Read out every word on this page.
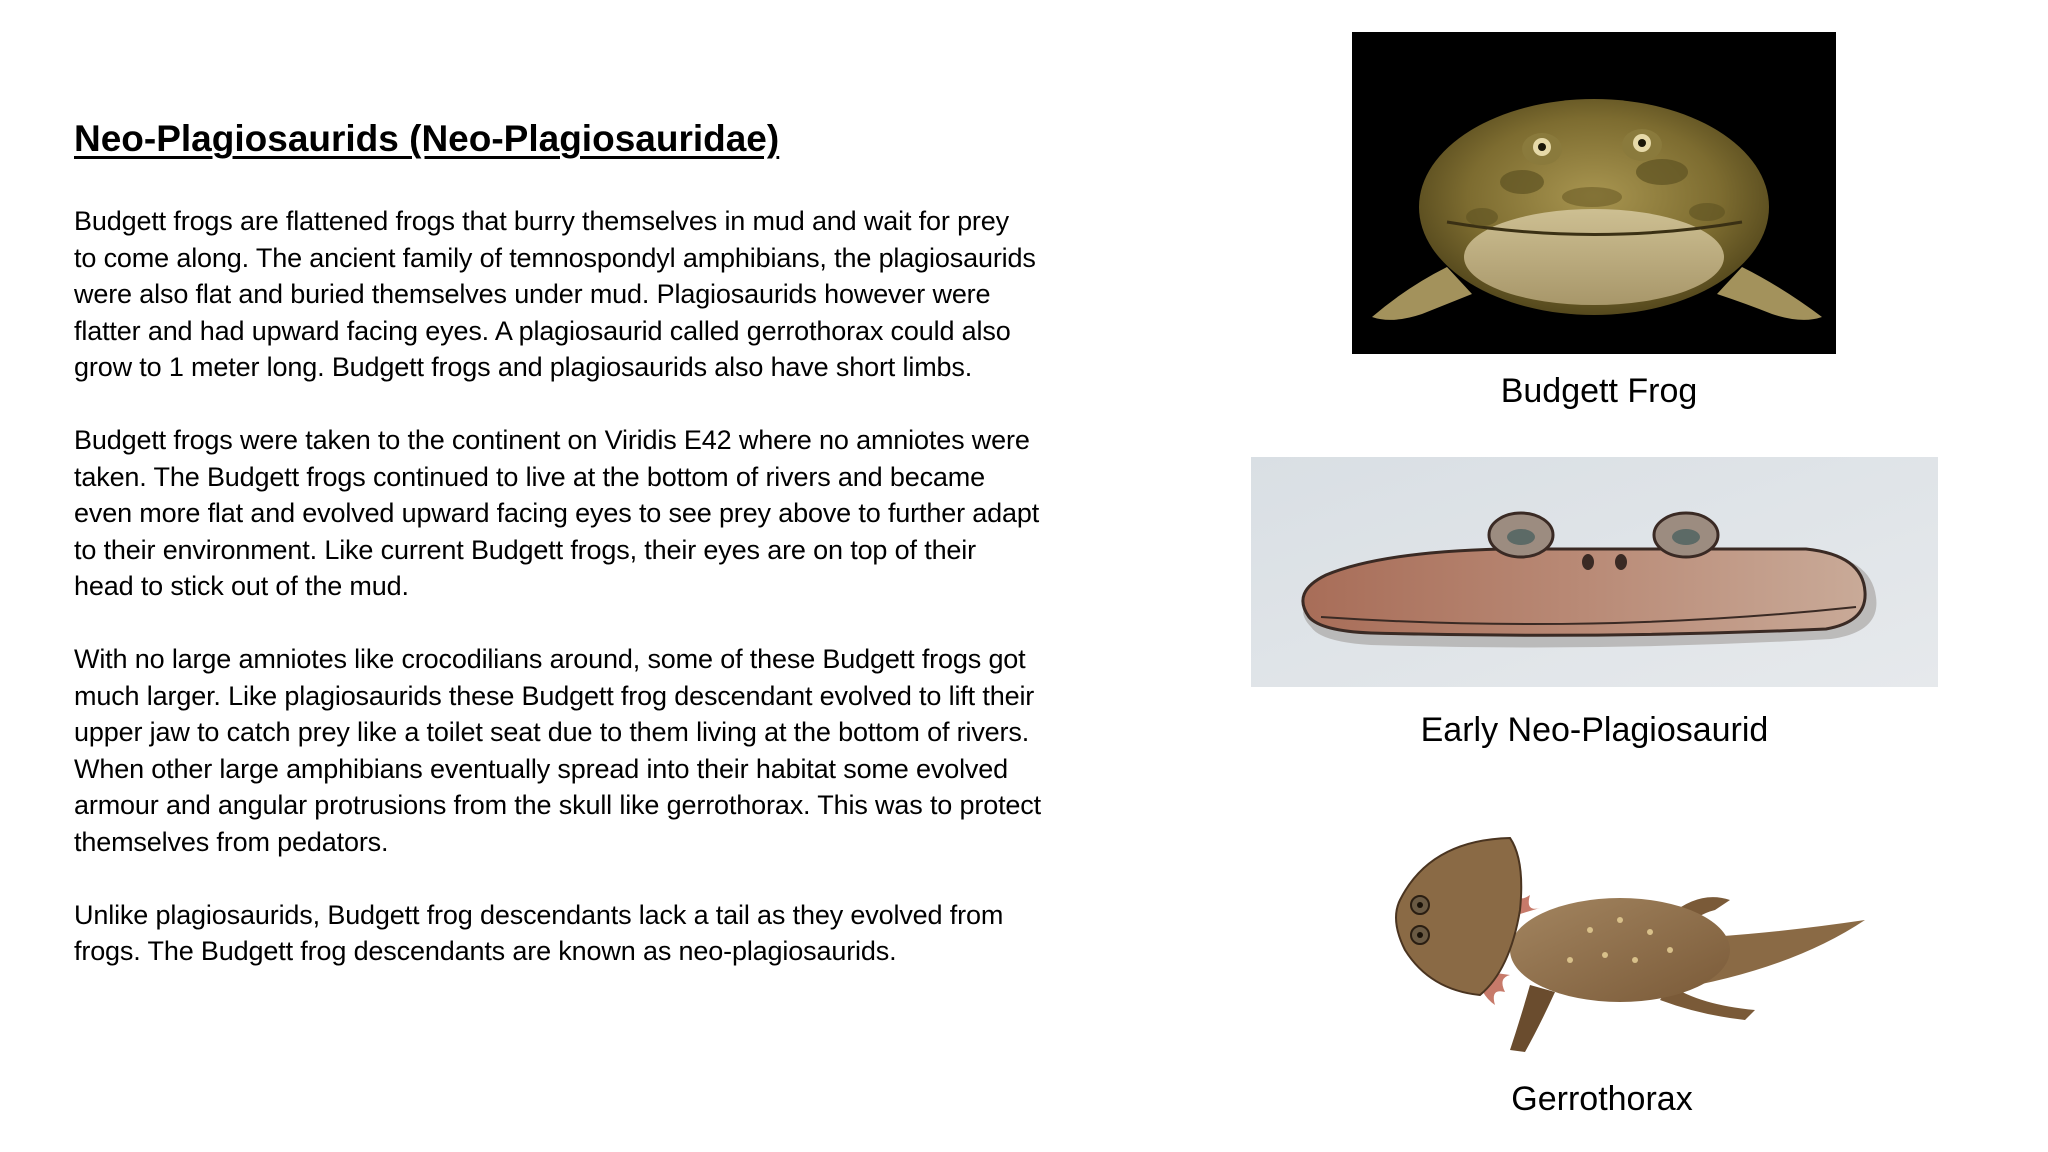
Neo-Plagiosaurids (Neo-Plagiosauridae)

Budgett frogs are flattened frogs that burry themselves in mud and wait for prey
to come along. The ancient family of temnospondyl amphibians, the plagiosaurids
were also flat and buried themselves under mud. Plagiosaurids however were
flatter and had upward facing eyes. A plagiosaurid called gerrothorax could also
grow to 1 meter long. Budgett frogs and plagiosaurids also have short limbs.

Budgett frogs were taken to the continent on Viridis E42 where no amniotes were
taken. The Budgett frogs continued to live at the bottom of rivers and became
even more flat and evolved upward facing eyes to see prey above to further adapt
to their environment. Like current Budgett frogs, their eyes are on top of their
head to stick out of the mud.

With no large amniotes like crocodilians around, some of these Budgett frogs got
much larger. Like plagiosaurids these Budgett frog descendant evolved to lift their
upper jaw to catch prey like a toilet seat due to them living at the bottom of rivers.
When other large amphibians eventually spread into their habitat some evolved
armour and angular protrusions from the skull like gerrothorax. This was to protect
themselves from pedators.

Unlike plagiosaurids, Budgett frog descendants lack a tail as they evolved from
frogs. The Budgett frog descendants are known as neo-plagiosaurids.

Budgett Frog
Early Neo-Plagiosaurid
Gerrothorax
